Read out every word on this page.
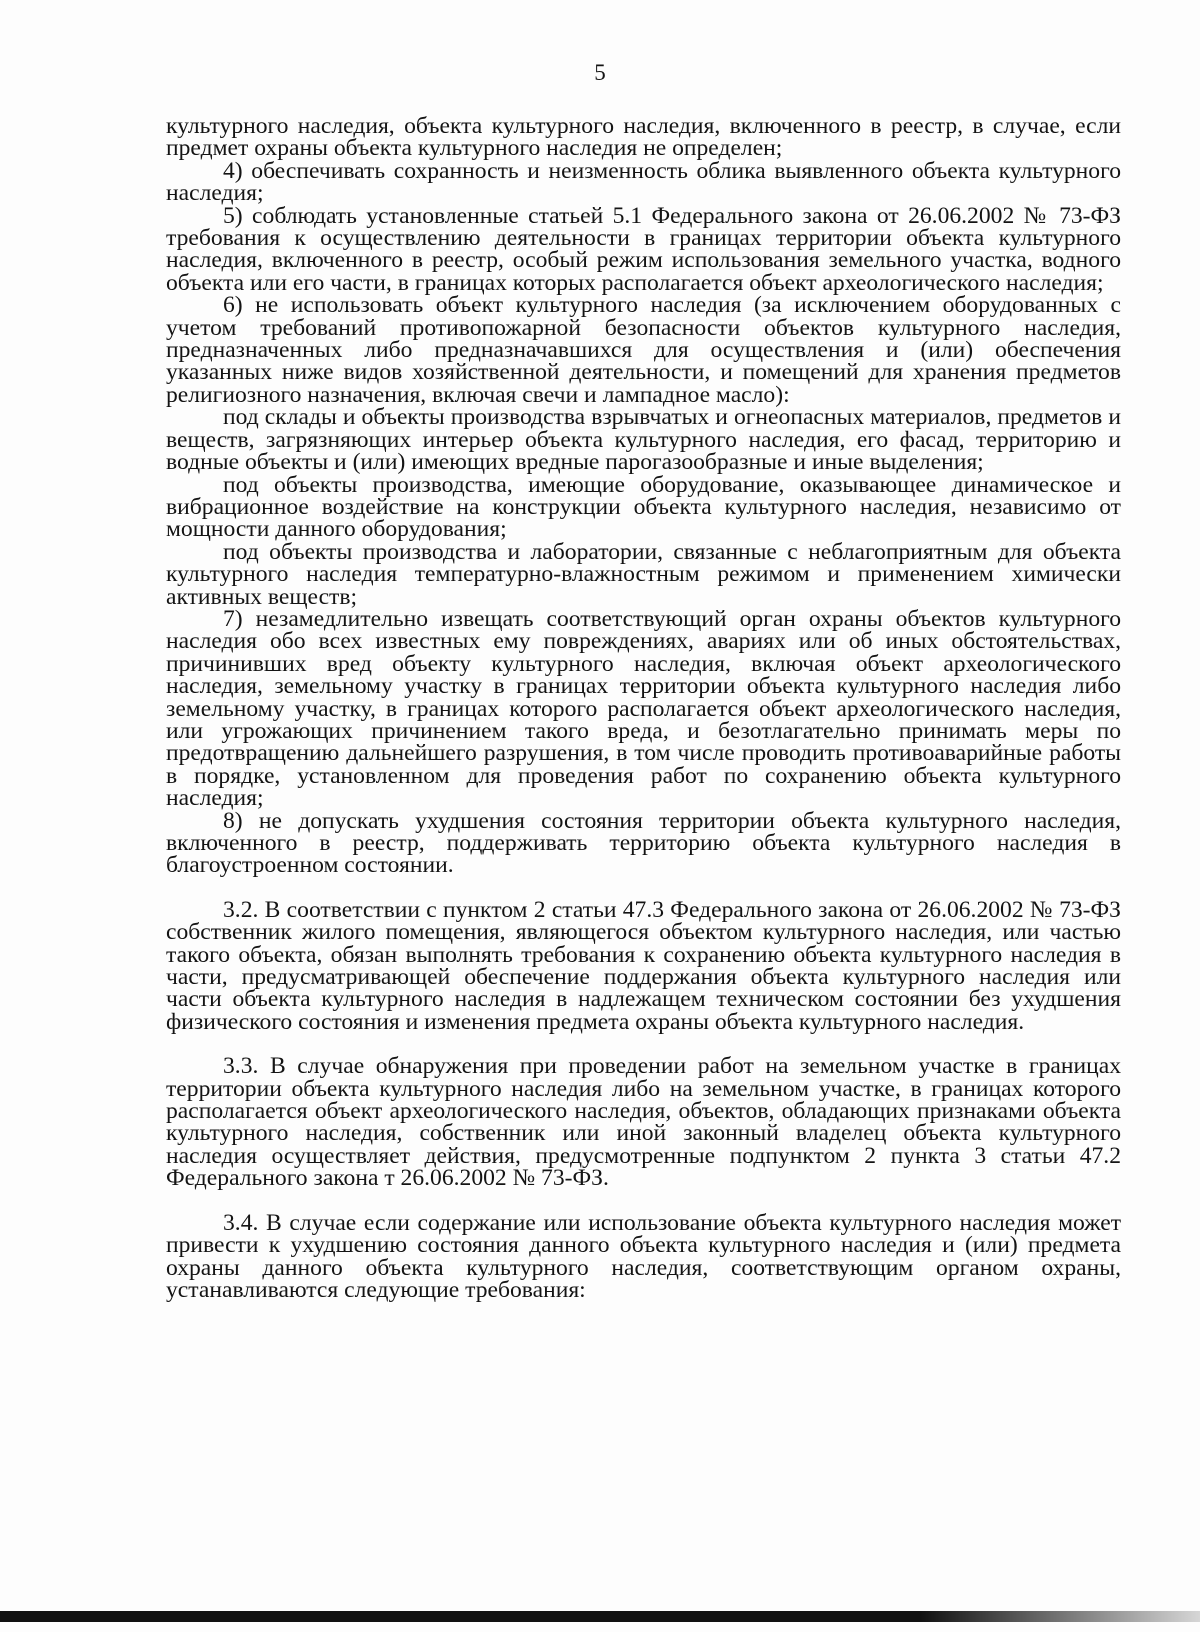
5

культурного наследия, объекта культурного наследия, включенного в реестр, в случае, если предмет охраны объекта культурного наследия не определен;

4) обеспечивать сохранность и неизменность облика выявленного объекта культурного наследия;

5) соблюдать установленные статьей 5.1 Федерального закона от 26.06.2002 № 73-ФЗ требования к осуществлению деятельности в границах территории объекта культурного наследия, включенного в реестр, особый режим использования земельного участка, водного объекта или его части, в границах которых располагается объект археологического наследия;

6) не использовать объект культурного наследия (за исключением оборудованных с учетом требований противопожарной безопасности объектов культурного наследия, предназначенных либо предназначавшихся для осуществления и (или) обеспечения указанных ниже видов хозяйственной деятельности, и помещений для хранения предметов религиозного назначения, включая свечи и лампадное масло):

под склады и объекты производства взрывчатых и огнеопасных материалов, предметов и веществ, загрязняющих интерьер объекта культурного наследия, его фасад, территорию и водные объекты и (или) имеющих вредные парогазообразные и иные выделения;

под объекты производства, имеющие оборудование, оказывающее динамическое и вибрационное воздействие на конструкции объекта культурного наследия, независимо от мощности данного оборудования;

под объекты производства и лаборатории, связанные с неблагоприятным для объекта культурного наследия температурно-влажностным режимом и применением химически активных веществ;

7) незамедлительно извещать соответствующий орган охраны объектов культурного наследия обо всех известных ему повреждениях, авариях или об иных обстоятельствах, причинивших вред объекту культурного наследия, включая объект археологического наследия, земельному участку в границах территории объекта культурного наследия либо земельному участку, в границах которого располагается объект археологического наследия, или угрожающих причинением такого вреда, и безотлагательно принимать меры по предотвращению дальнейшего разрушения, в том числе проводить противоаварийные работы в порядке, установленном для проведения работ по сохранению объекта культурного наследия;

8) не допускать ухудшения состояния территории объекта культурного наследия, включенного в реестр, поддерживать территорию объекта культурного наследия в благоустроенном состоянии.

3.2. В соответствии с пунктом 2 статьи 47.3 Федерального закона от 26.06.2002 № 73-ФЗ собственник жилого помещения, являющегося объектом культурного наследия, или частью такого объекта, обязан выполнять требования к сохранению объекта культурного наследия в части, предусматривающей обеспечение поддержания объекта культурного наследия или части объекта культурного наследия в надлежащем техническом состоянии без ухудшения физического состояния и изменения предмета охраны объекта культурного наследия.

3.3. В случае обнаружения при проведении работ на земельном участке в границах территории объекта культурного наследия либо на земельном участке, в границах которого располагается объект археологического наследия, объектов, обладающих признаками объекта культурного наследия, собственник или иной законный владелец объекта культурного наследия осуществляет действия, предусмотренные подпунктом 2 пункта 3 статьи 47.2 Федерального закона т 26.06.2002 № 73-ФЗ.

3.4. В случае если содержание или использование объекта культурного наследия может привести к ухудшению состояния данного объекта культурного наследия и (или) предмета охраны данного объекта культурного наследия, соответствующим органом охраны, устанавливаются следующие требования:
